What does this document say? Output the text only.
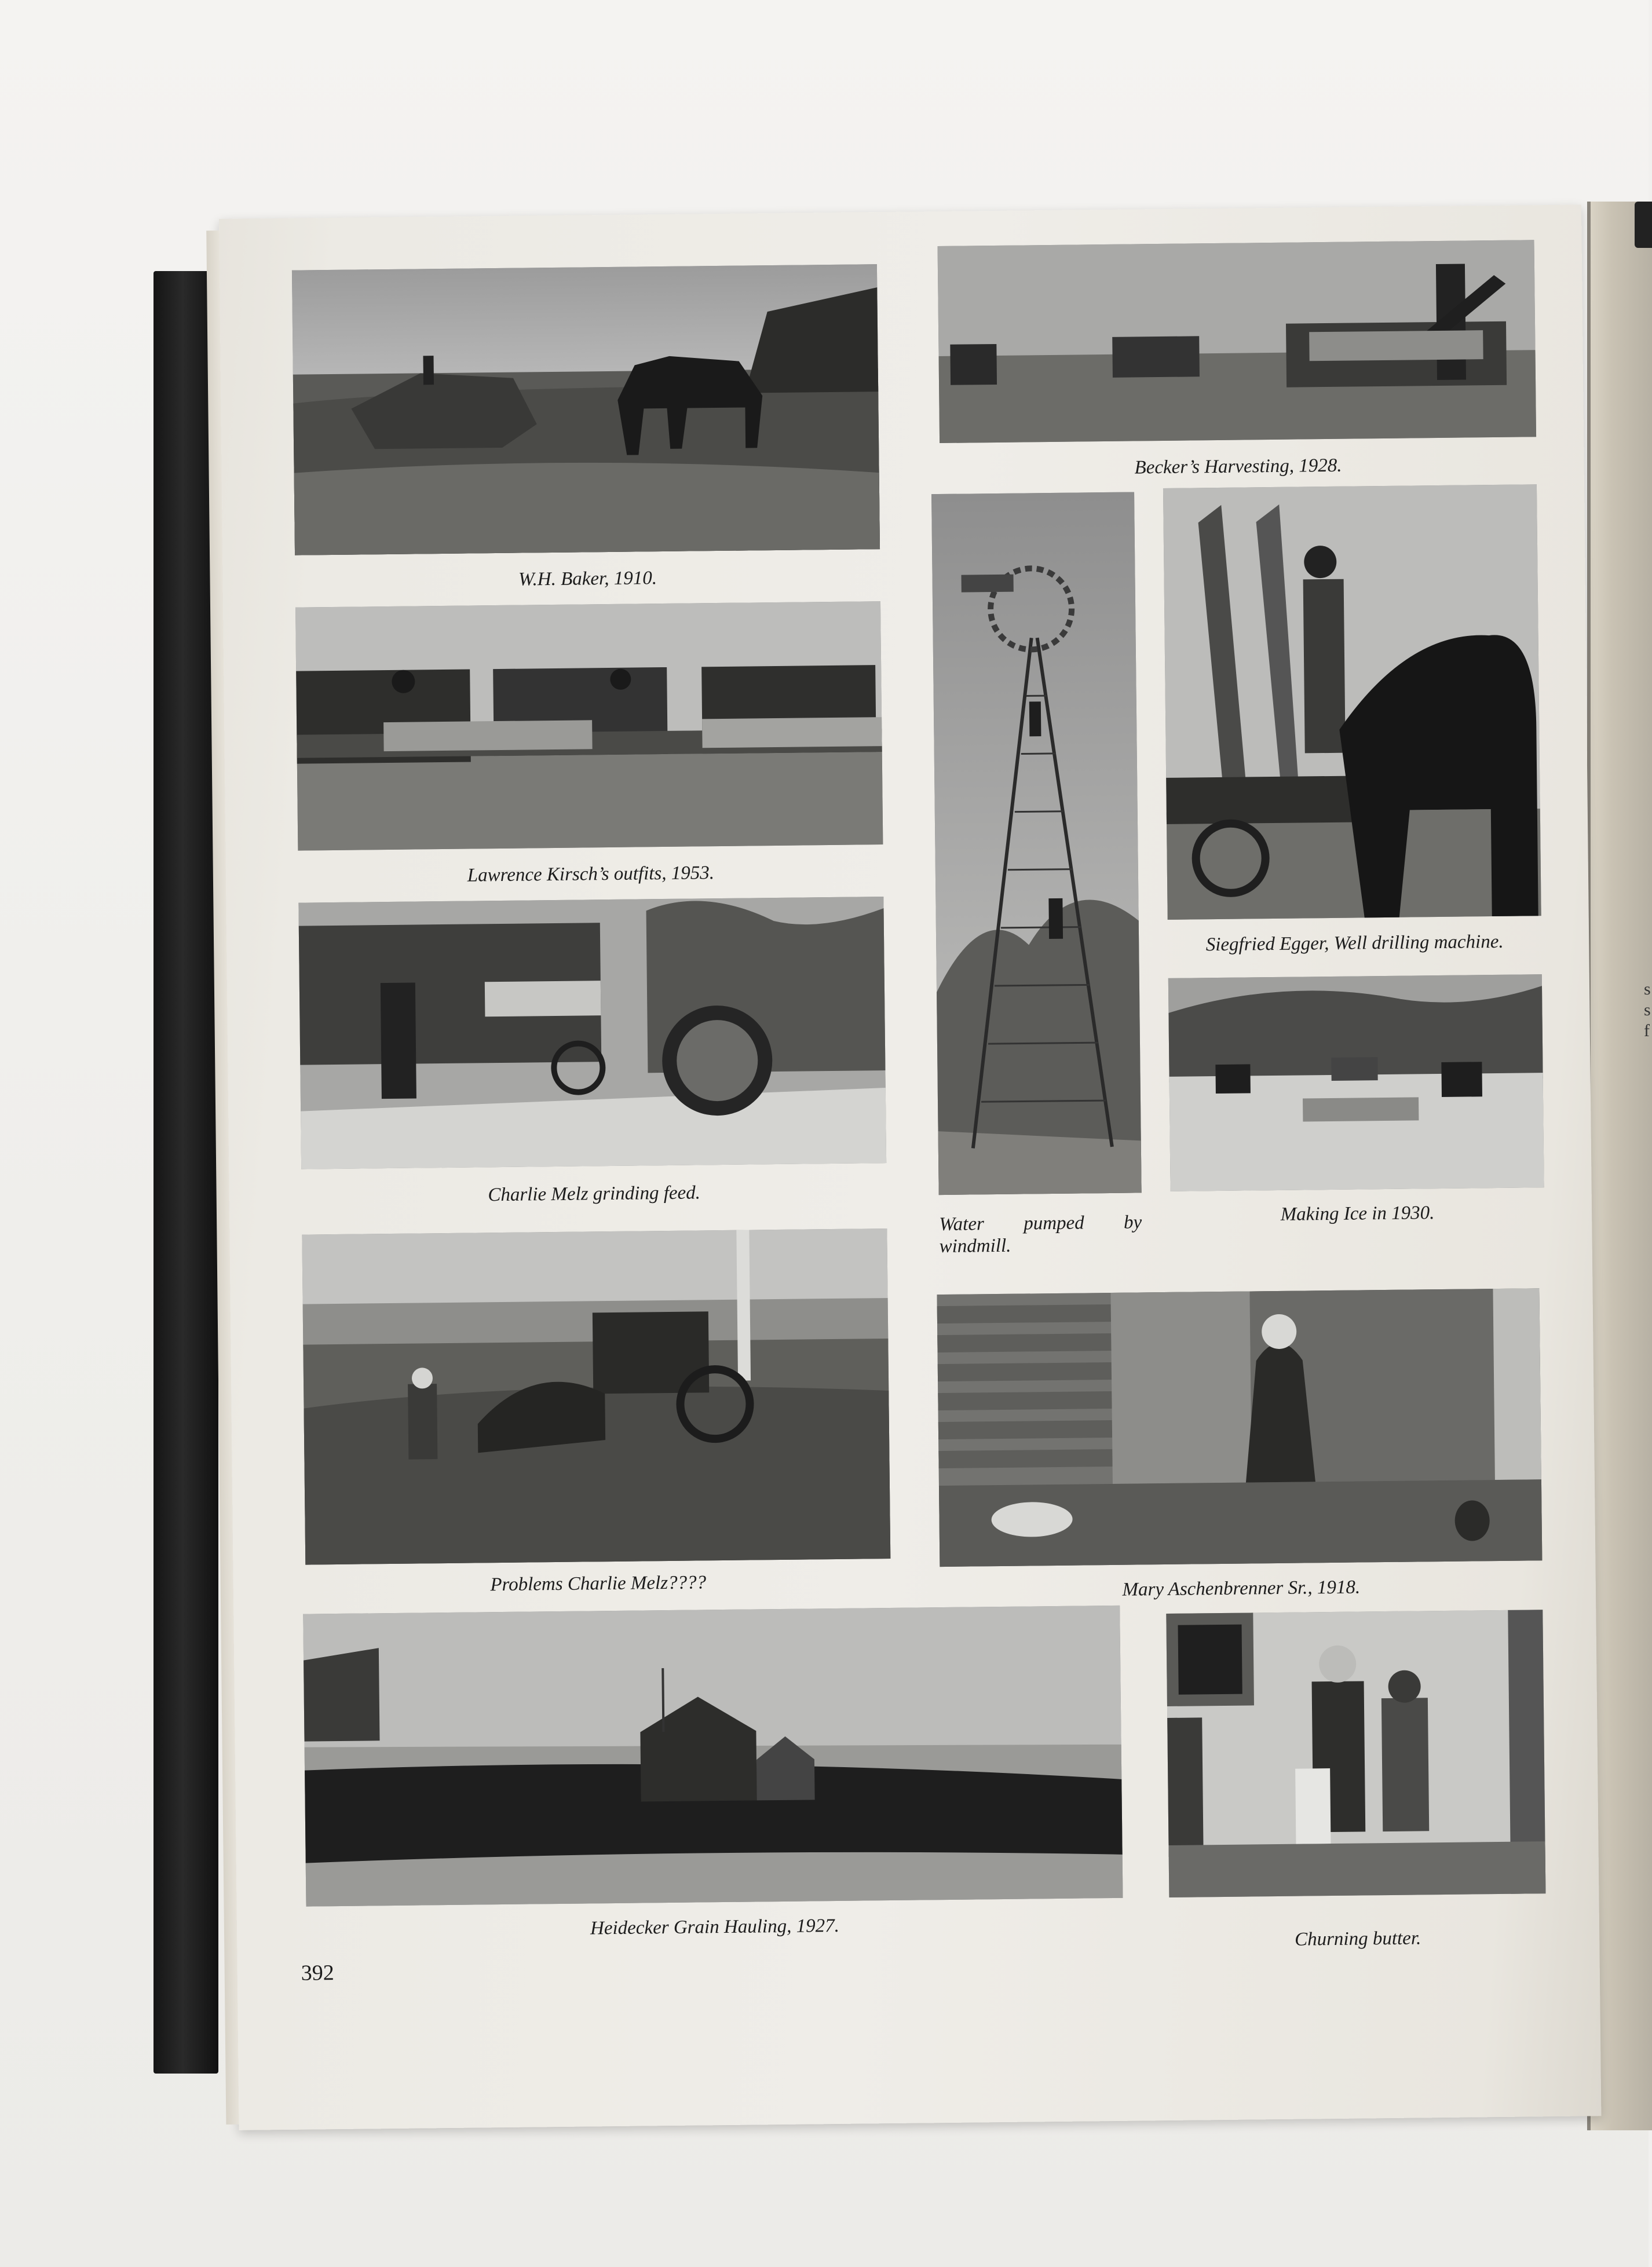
s
s
f
W.H. Baker, 1910.
Becker’s Harvesting, 1928.
Lawrence Kirsch’s outfits, 1953.
Water pumped by windmill.
Siegfried Egger, Well drilling machine.
Charlie Melz grinding feed.
Making Ice in 1930.
Problems Charlie Melz????	Mary Aschenbrenner Sr., 1918.
Heidecker Grain Hauling, 1927.
Churning butter.
392
